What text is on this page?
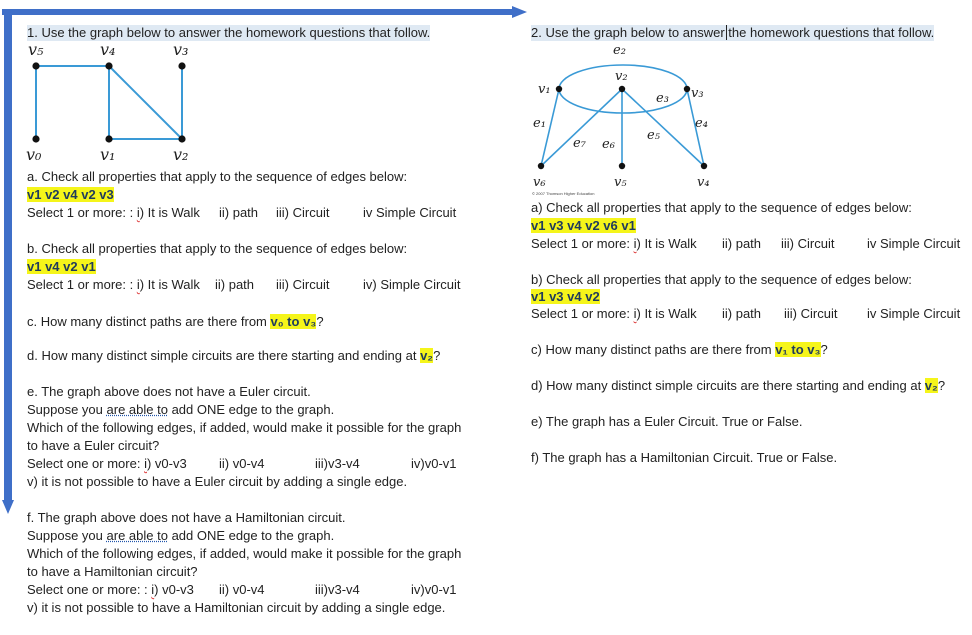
1. Use the graph below to answer the homework questions that follow.
v₅	v₄	v₃
v₀	v₁	v₂
a. Check all properties that apply to the sequence of edges below:
v1 v2 v4 v2 v3
Select 1 or more: : i) It is Walk ii) path iii) Circuit	iv Simple Circuit
b. Check all properties that apply to the sequence of edges below:
v1 v4 v2 v1
Select 1 or more: : i) It is Walk ii) path iii) Circuit	iv) Simple Circuit
c. How many distinct paths are there from v₀ to v₃?
d. How many distinct simple circuits are there starting and ending at v₂?
e. The graph above does not have a Euler circuit.
Suppose you are able to add ONE edge to the graph.
Which of the following edges, if added, would make it possible for the graph
to have a Euler circuit?
Select one or more: i) v0-v3 ii) v0-v4	iii)v3-v4	iv)v0-v1
v) it is not possible to have a Euler circuit by adding a single edge.
f. The graph above does not have a Hamiltonian circuit.
Suppose you are able to add ONE edge to the graph.
Which of the following edges, if added, would make it possible for the graph
to have a Hamiltonian circuit?
Select one or more: : i) v0-v3 ii) v0-v4	iii)v3-v4	iv)v0-v1
v) it is not possible to have a Hamiltonian circuit by adding a single edge.
2. Use the graph below to answer the homework questions that follow.
e₂
v₂
v₁	v₃
e₃
e₁	e₄
e₅
e₇ e₆
v₆	v₅	v₄
© 2007 Thomson Higher Education
a) Check all properties that apply to the sequence of edges below:
v1 v3 v4 v2 v6 v1
Select 1 or more: i) It is Walk ii) path iii) Circuit	iv Simple Circuit
b) Check all properties that apply to the sequence of edges below:
v1 v3 v4 v2
Select 1 or more: i) It is Walk ii) path iii) Circuit iv Simple Circuit
c) How many distinct paths are there from v₁ to v₃?
d) How many distinct simple circuits are there starting and ending at v₂?
e) The graph has a Euler Circuit. True or False.
f) The graph has a Hamiltonian Circuit. True or False.
